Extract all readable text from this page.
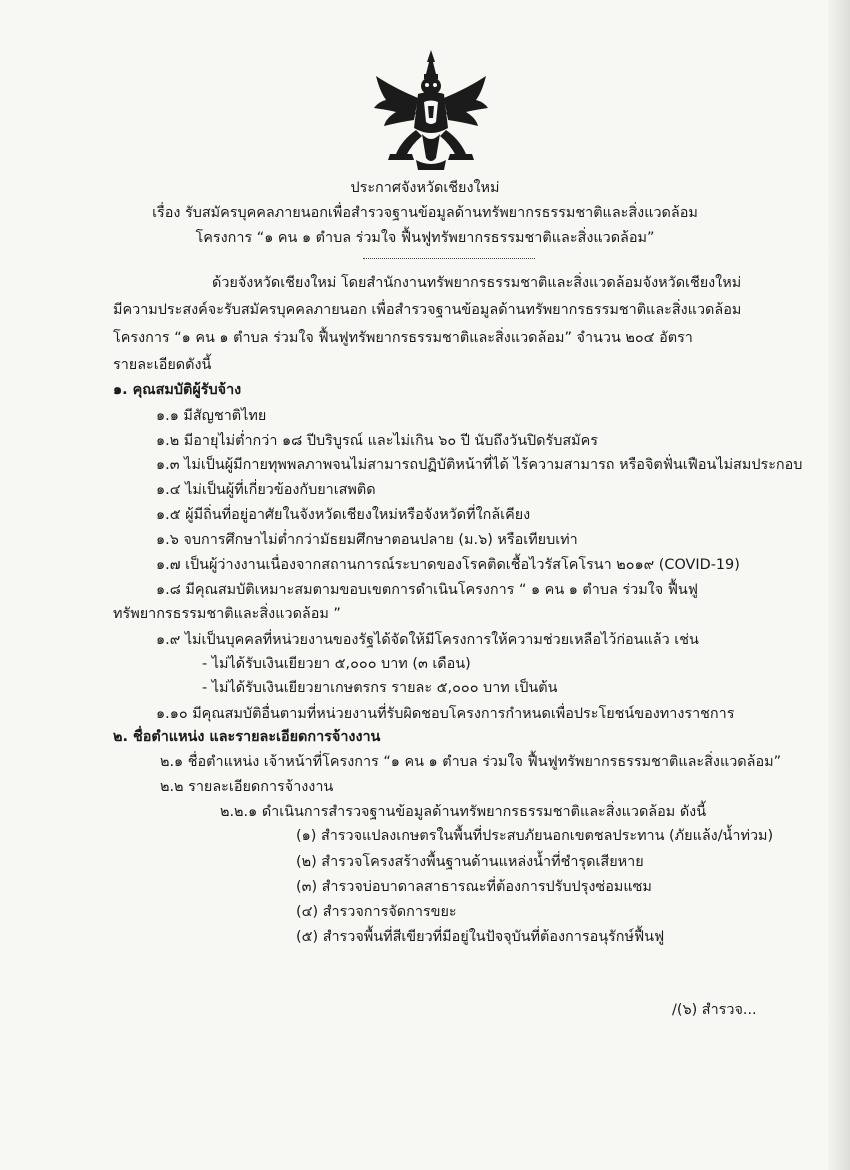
ประกาศจังหวัดเชียงใหม่
เรื่อง รับสมัครบุคคลภายนอกเพื่อสำรวจฐานข้อมูลด้านทรัพยากรธรรมชาติและสิ่งแวดล้อม
โครงการ “๑ คน ๑ ตำบล ร่วมใจ ฟื้นฟูทรัพยากรธรรมชาติและสิ่งแวดล้อม”
ด้วยจังหวัดเชียงใหม่ โดยสำนักงานทรัพยากรธรรมชาติและสิ่งแวดล้อมจังหวัดเชียงใหม่
มีความประสงค์จะรับสมัครบุคคลภายนอก เพื่อสำรวจฐานข้อมูลด้านทรัพยากรธรรมชาติและสิ่งแวดล้อม
โครงการ “๑ คน ๑ ตำบล ร่วมใจ ฟื้นฟูทรัพยากรธรรมชาติและสิ่งแวดล้อม” จำนวน ๒๐๔ อัตรา
รายละเอียดดังนี้
๑. คุณสมบัติผู้รับจ้าง
๑.๑ มีสัญชาติไทย
๑.๒ มีอายุไม่ต่ำกว่า ๑๘ ปีบริบูรณ์ และไม่เกิน ๖๐ ปี นับถึงวันปิดรับสมัคร
๑.๓ ไม่เป็นผู้มีกายทุพพลภาพจนไม่สามารถปฏิบัติหน้าที่ได้ ไร้ความสามารถ หรือจิตฟั่นเฟือนไม่สมประกอบ
๑.๔ ไม่เป็นผู้ที่เกี่ยวข้องกับยาเสพติด
๑.๕ ผู้มีถิ่นที่อยู่อาศัยในจังหวัดเชียงใหม่หรือจังหวัดที่ใกล้เคียง
๑.๖ จบการศึกษาไม่ต่ำกว่ามัธยมศึกษาตอนปลาย (ม.๖) หรือเทียบเท่า
๑.๗ เป็นผู้ว่างงานเนื่องจากสถานการณ์ระบาดของโรคติดเชื้อไวรัสโคโรนา ๒๐๑๙ (COVID-19)
๑.๘ มีคุณสมบัติเหมาะสมตามขอบเขตการดำเนินโครงการ “ ๑ คน ๑ ตำบล ร่วมใจ ฟื้นฟู
ทรัพยากรธรรมชาติและสิ่งแวดล้อม ”
๑.๙ ไม่เป็นบุคคลที่หน่วยงานของรัฐได้จัดให้มีโครงการให้ความช่วยเหลือไว้ก่อนแล้ว เช่น
- ไม่ได้รับเงินเยียวยา ๕,๐๐๐ บาท (๓ เดือน)
- ไม่ได้รับเงินเยียวยาเกษตรกร รายละ ๕,๐๐๐ บาท เป็นต้น
๑.๑๐ มีคุณสมบัติอื่นตามที่หน่วยงานที่รับผิดชอบโครงการกำหนดเพื่อประโยชน์ของทางราชการ
๒. ชื่อตำแหน่ง และรายละเอียดการจ้างงาน
๒.๑ ชื่อตำแหน่ง เจ้าหน้าที่โครงการ “๑ คน ๑ ตำบล ร่วมใจ ฟื้นฟูทรัพยากรธรรมชาติและสิ่งแวดล้อม”
๒.๒ รายละเอียดการจ้างงาน
๒.๒.๑ ดำเนินการสำรวจฐานข้อมูลด้านทรัพยากรธรรมชาติและสิ่งแวดล้อม ดังนี้
(๑) สำรวจแปลงเกษตรในพื้นที่ประสบภัยนอกเขตชลประทาน (ภัยแล้ง/น้ำท่วม)
(๒) สำรวจโครงสร้างพื้นฐานด้านแหล่งน้ำที่ชำรุดเสียหาย
(๓) สำรวจบ่อบาดาลสาธารณะที่ต้องการปรับปรุงซ่อมแซม
(๔) สำรวจการจัดการขยะ
(๕) สำรวจพื้นที่สีเขียวที่มีอยู่ในปัจจุบันที่ต้องการอนุรักษ์ฟื้นฟู
/(๖) สำรวจ...
